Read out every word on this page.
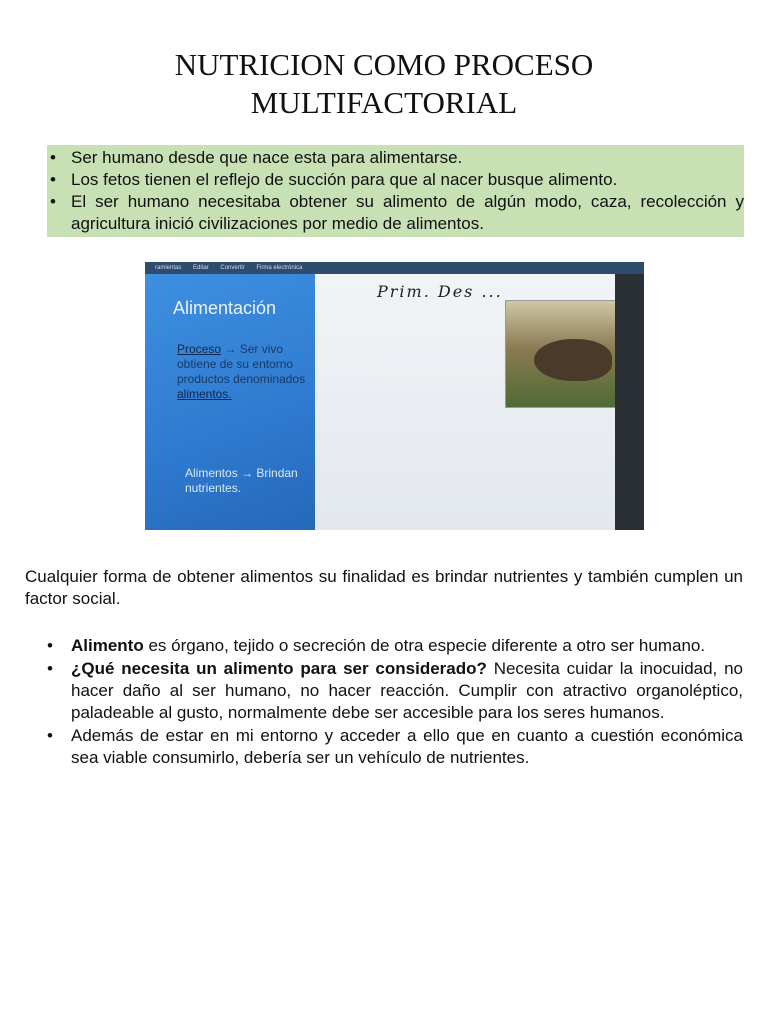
NUTRICION COMO PROCESO
MULTIFACTORIAL
• Ser humano desde que nace esta para alimentarse.
• Los fetos tienen el reflejo de succión para que al nacer busque alimento.
• El ser humano necesitaba obtener su alimento de algún modo, caza, recolección y agricultura inició civilizaciones por medio de alimentos.
ramientas Editar Convertir Firma electrónica
Alimentación
Proceso → Ser vivo obtiene de su entorno productos denominados alimentos.
Alimentos → Brindan nutrientes.
Prim. Des ...

Cualquier forma de obtener alimentos su finalidad es brindar nutrientes y también cumplen un factor social.

• Alimento es órgano, tejido o secreción de otra especie diferente a otro ser humano.
• ¿Qué necesita un alimento para ser considerado? Necesita cuidar la inocuidad, no hacer daño al ser humano, no hacer reacción. Cumplir con atractivo organoléptico, paladeable al gusto, normalmente debe ser accesible para los seres humanos.
• Además de estar en mi entorno y acceder a ello que en cuanto a cuestión económica sea viable consumirlo, debería ser un vehículo de nutrientes.
